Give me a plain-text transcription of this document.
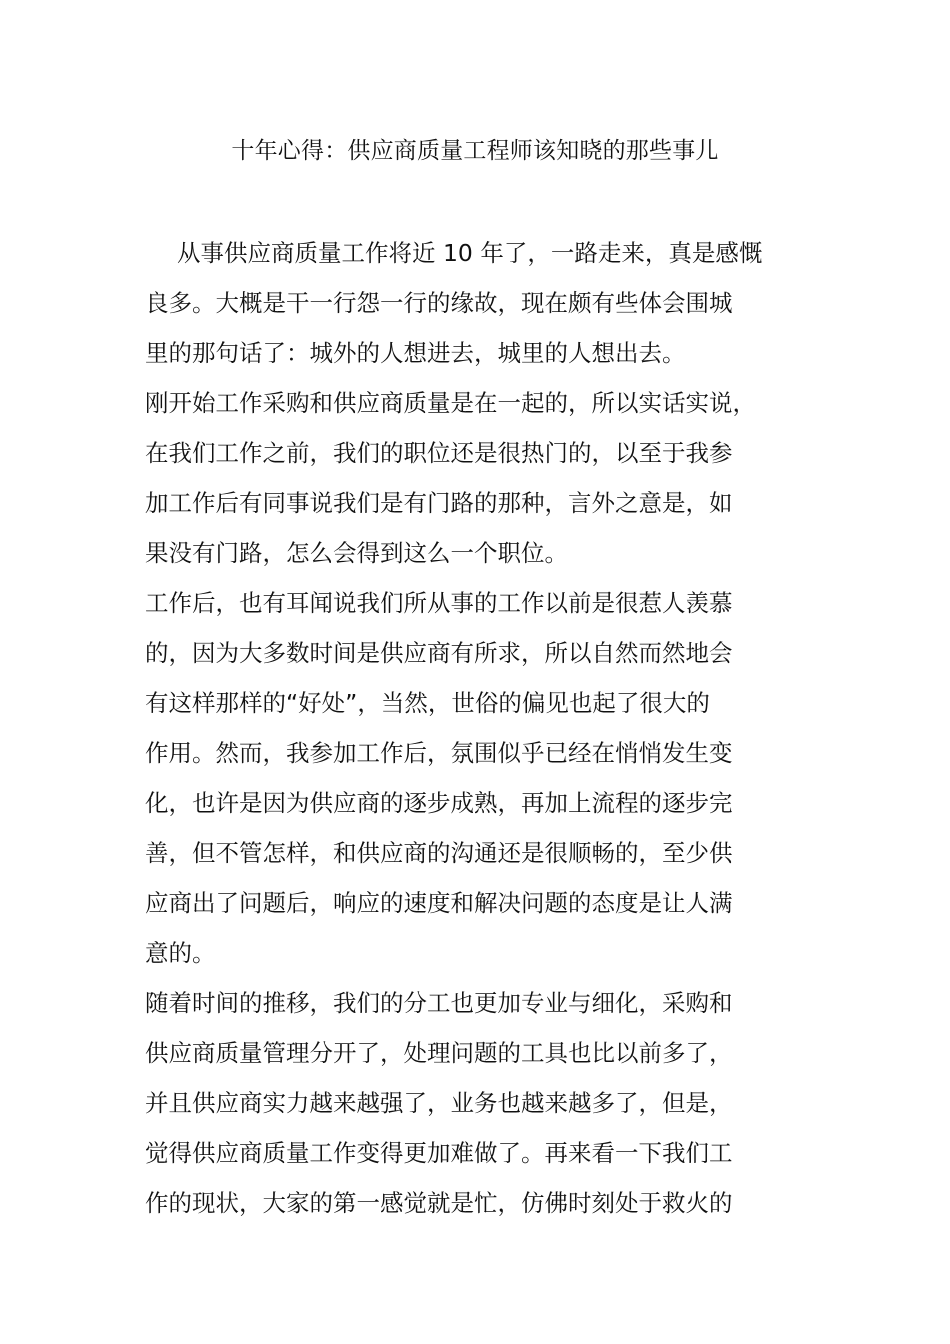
十年心得：供应商质量工程师该知晓的那些事儿
从事供应商质量工作将近 10 年了，一路走来，真是感慨
良多。大概是干一行怨一行的缘故，现在颇有些体会围城
里的那句话了：城外的人想进去，城里的人想出去。
刚开始工作采购和供应商质量是在一起的，所以实话实说，
在我们工作之前，我们的职位还是很热门的，以至于我参
加工作后有同事说我们是有门路的那种，言外之意是，如
果没有门路，怎么会得到这么一个职位。
工作后，也有耳闻说我们所从事的工作以前是很惹人羡慕
的，因为大多数时间是供应商有所求，所以自然而然地会
有这样那样的“好处”，当然，世俗的偏见也起了很大的
作用。然而，我参加工作后，氛围似乎已经在悄悄发生变
化，也许是因为供应商的逐步成熟，再加上流程的逐步完
善，但不管怎样，和供应商的沟通还是很顺畅的，至少供
应商出了问题后，响应的速度和解决问题的态度是让人满
意的。
随着时间的推移，我们的分工也更加专业与细化，采购和
供应商质量管理分开了，处理问题的工具也比以前多了，
并且供应商实力越来越强了，业务也越来越多了，但是，
觉得供应商质量工作变得更加难做了。再来看一下我们工
作的现状，大家的第一感觉就是忙，仿佛时刻处于救火的
